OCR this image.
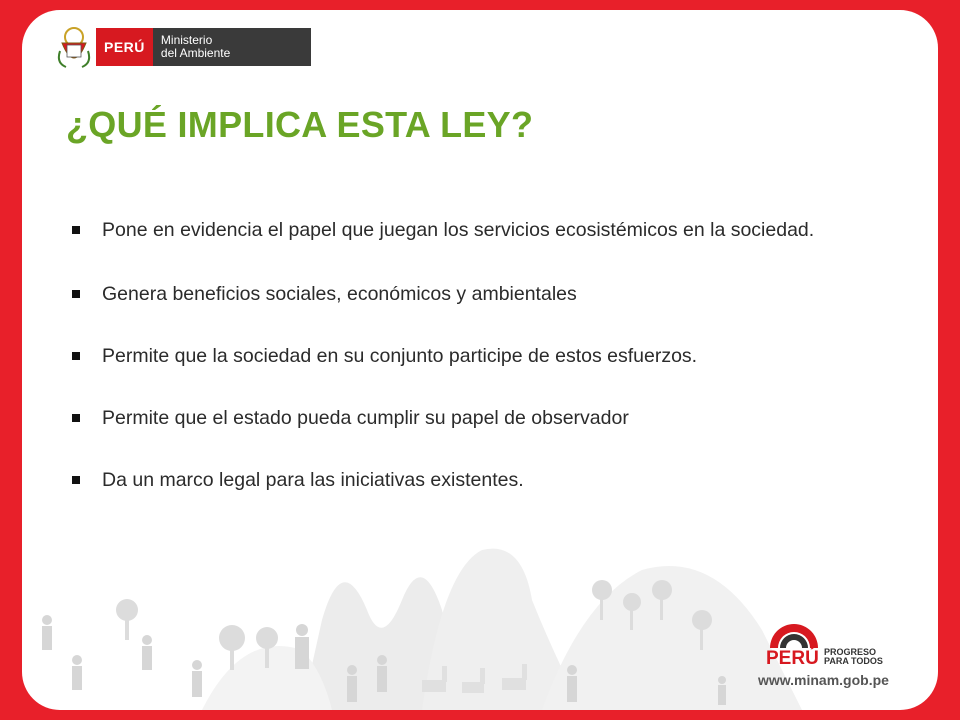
PERÚ	Ministerio
del Ambiente
¿QUÉ IMPLICA ESTA LEY?
Pone en evidencia el papel que juegan los servicios ecosistémicos en la sociedad.
Genera beneficios sociales, económicos y ambientales
Permite que la sociedad en su conjunto participe de estos esfuerzos.
Permite que el estado pueda cumplir su papel de observador
Da un marco legal para las iniciativas existentes.
PERÚ PROGRESO
PARA TODOS
www.minam.gob.pe
